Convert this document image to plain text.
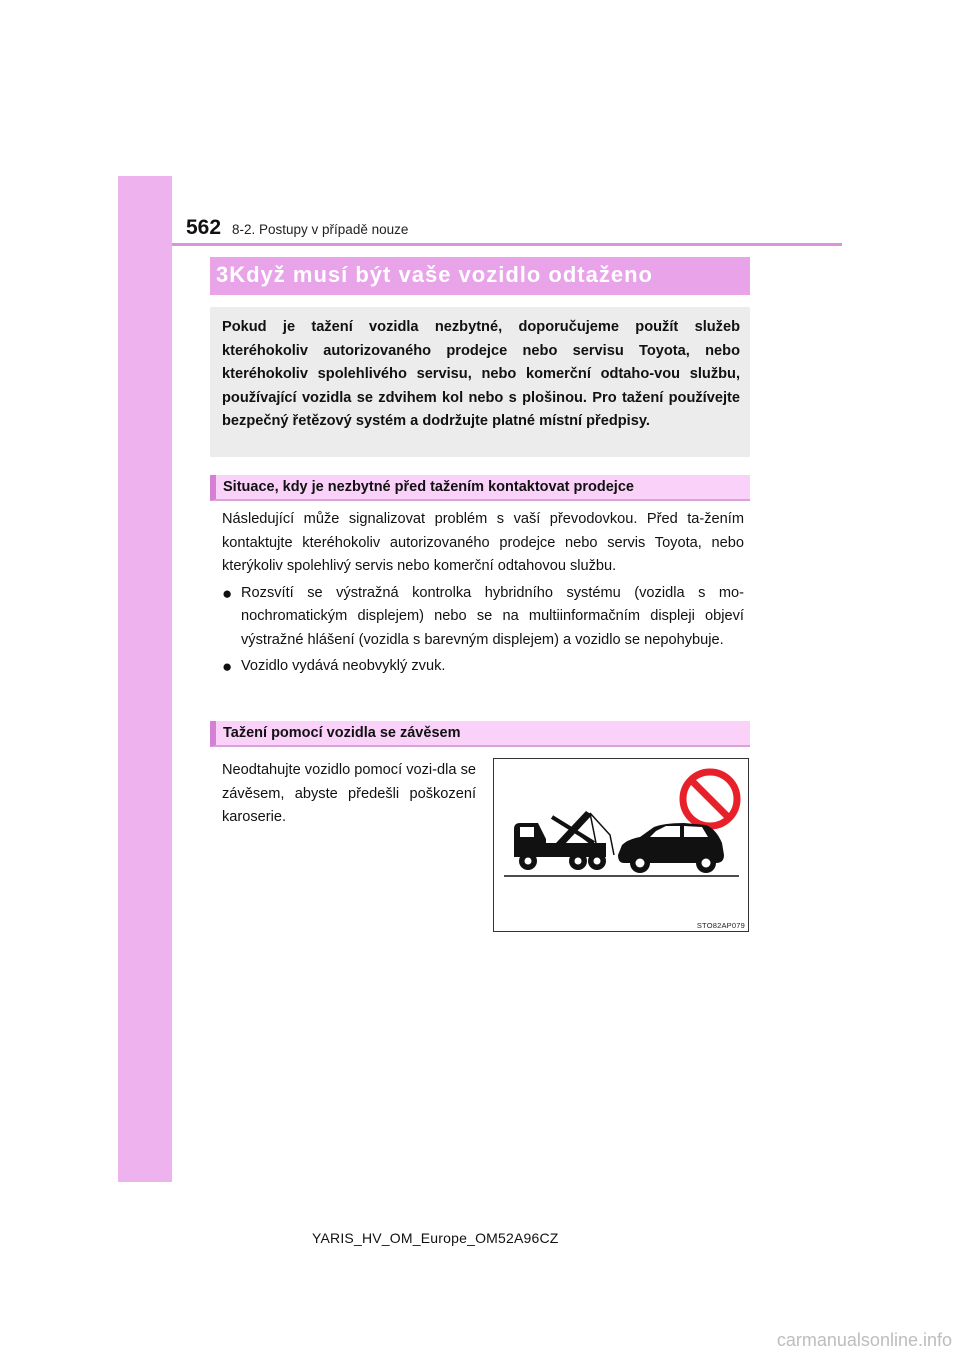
562 8-2. Postupy v případě nouze
3Když musí být vaše vozidlo odtaženo

Pokud je tažení vozidla nezbytné, doporučujeme použít služeb kteréhokoliv autorizovaného prodejce nebo servisu Toyota, nebo kteréhokoliv spolehlivého servisu, nebo komerční odtaho-vou službu, používající vozidla se zdvihem kol nebo s plošinou. Pro tažení používejte bezpečný řetězový systém a dodržujte platné místní předpisy.

Situace, kdy je nezbytné před tažením kontaktovat prodejce

Následující může signalizovat problém s vaší převodovkou. Před ta-žením kontaktujte kteréhokoliv autorizovaného prodejce nebo servis Toyota, nebo kterýkoliv spolehlivý servis nebo komerční odtahovou službu.

● Rozsvítí se výstražná kontrolka hybridního systému (vozidla s mo-nochromatickým displejem) nebo se na multiinformačním displeji objeví výstražné hlášení (vozidla s barevným displejem) a vozidlo se nepohybuje.
● Vozidlo vydává neobvyklý zvuk.
Tažení pomocí vozidla se závěsem

Neodtahujte vozidlo pomocí vozi-dla se závěsem, abyste předešli poškození karoserie.

STO82AP079
YARIS_HV_OM_Europe_OM52A96CZ
carmanualsonline.info
